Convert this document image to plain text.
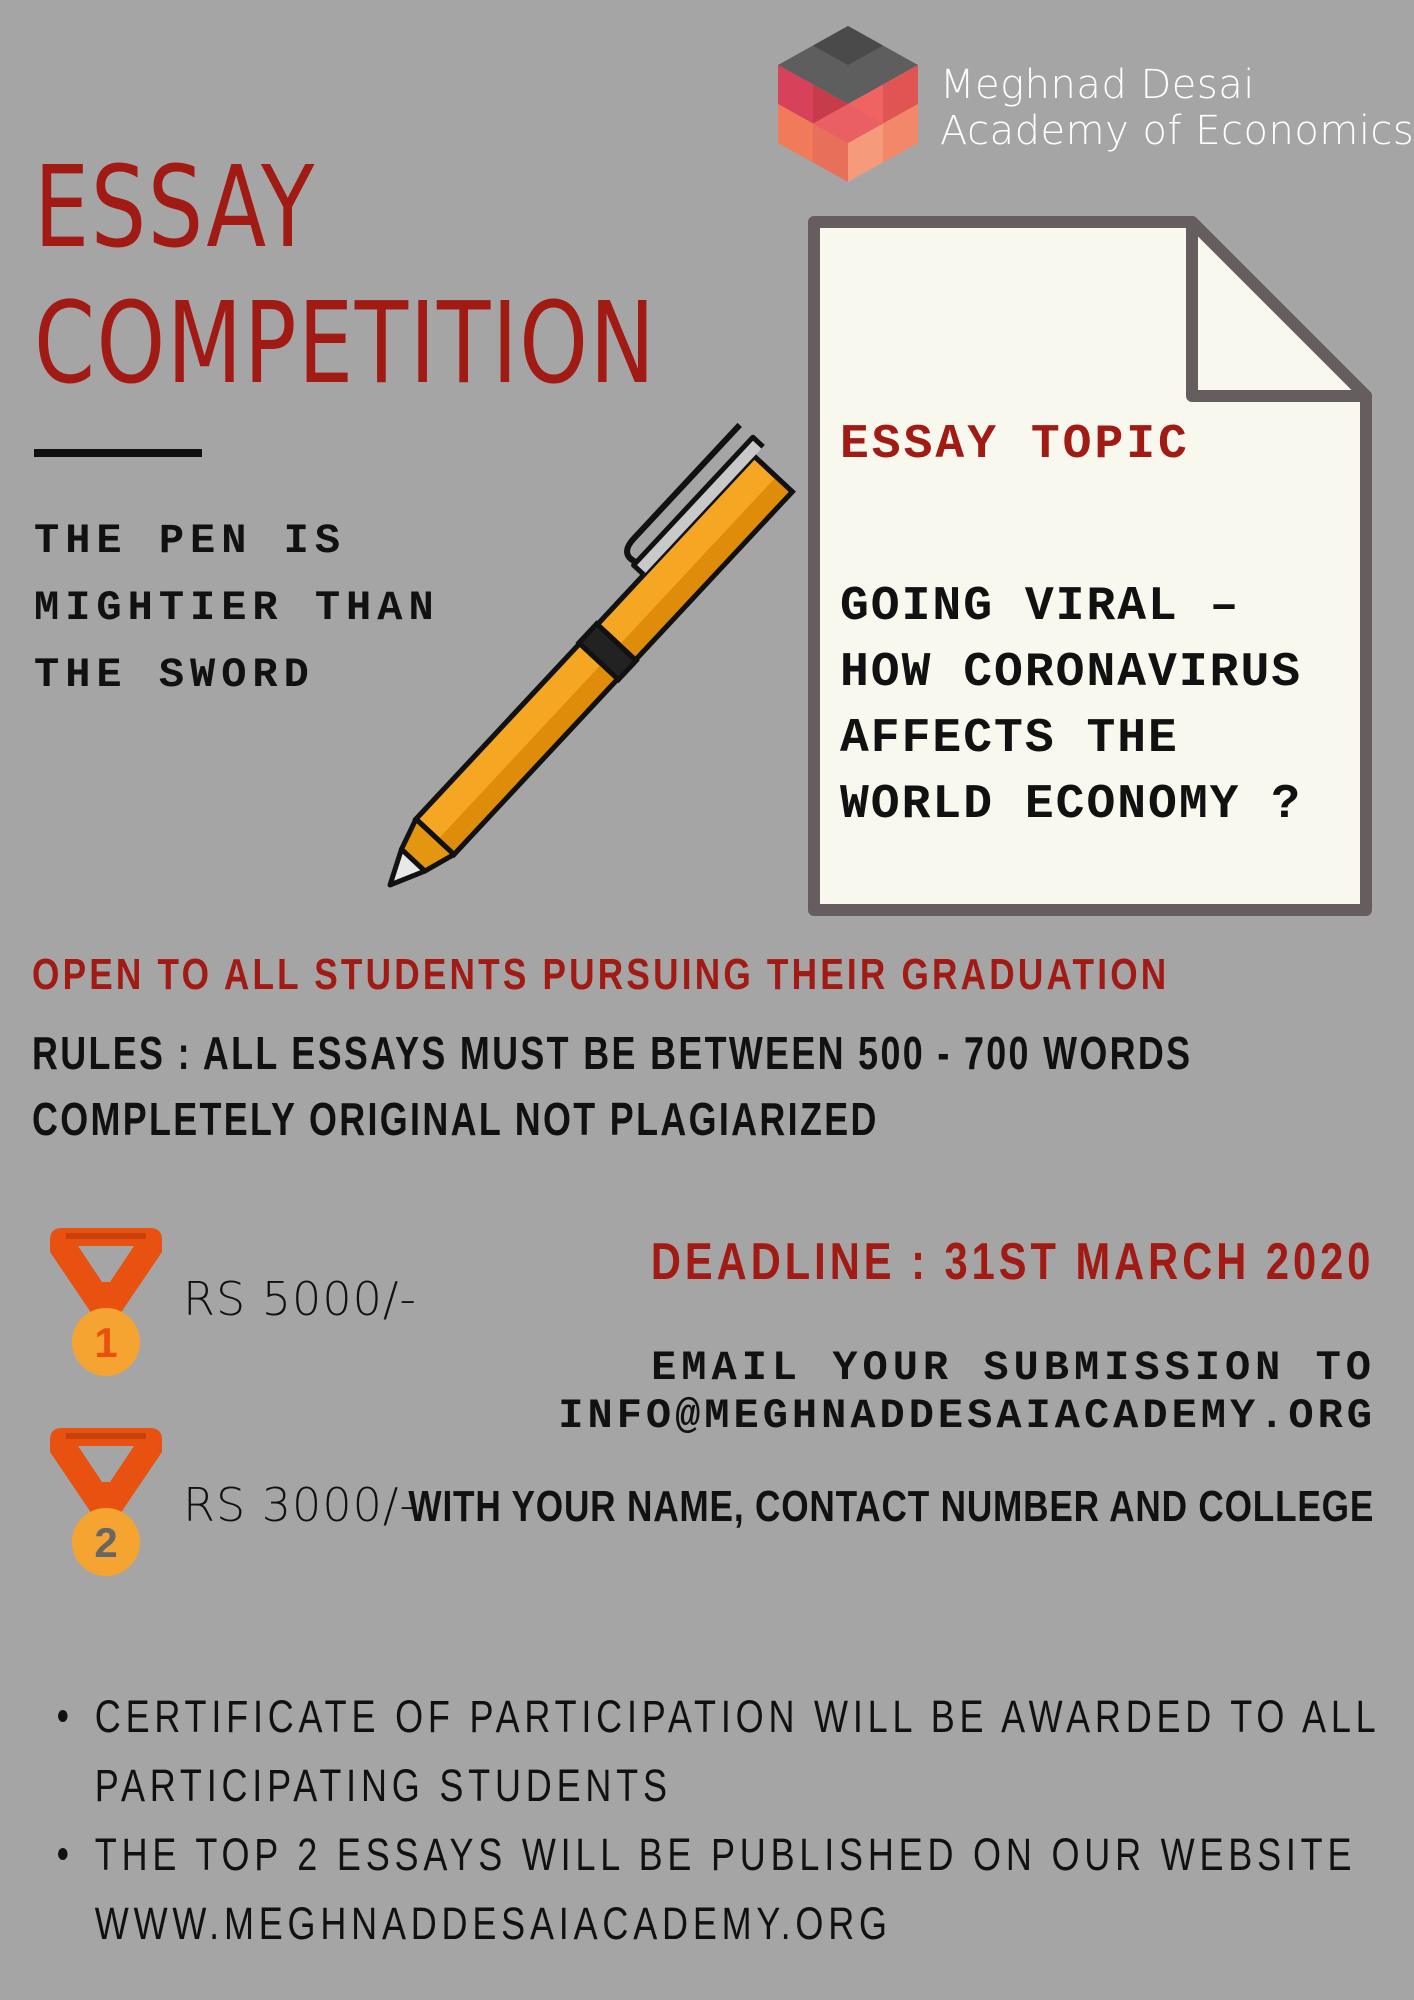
Meghnad Desai
Academy of Economics
ESSAY
COMPETITION
THE PEN IS
MIGHTIER THAN
THE SWORD
ESSAY TOPIC
GOING VIRAL –
HOW CORONAVIRUS
AFFECTS THE
WORLD ECONOMY ?
OPEN TO ALL STUDENTS PURSUING THEIR GRADUATION
RULES : ALL ESSAYS MUST BE BETWEEN 500 - 700 WORDS
COMPLETELY ORIGINAL NOT PLAGIARIZED
1
RS 5000/-
2
RS 3000/-
DEADLINE : 31ST MARCH 2020
EMAIL YOUR SUBMISSION TO
INFO@MEGHNADDESAIACADEMY.ORG
WITH YOUR NAME, CONTACT NUMBER AND COLLEGE
CERTIFICATE OF PARTICIPATION WILL BE AWARDED TO ALL
PARTICIPATING STUDENTS
THE TOP 2 ESSAYS WILL BE PUBLISHED ON OUR WEBSITE
WWW.MEGHNADDESAIACADEMY.ORG
